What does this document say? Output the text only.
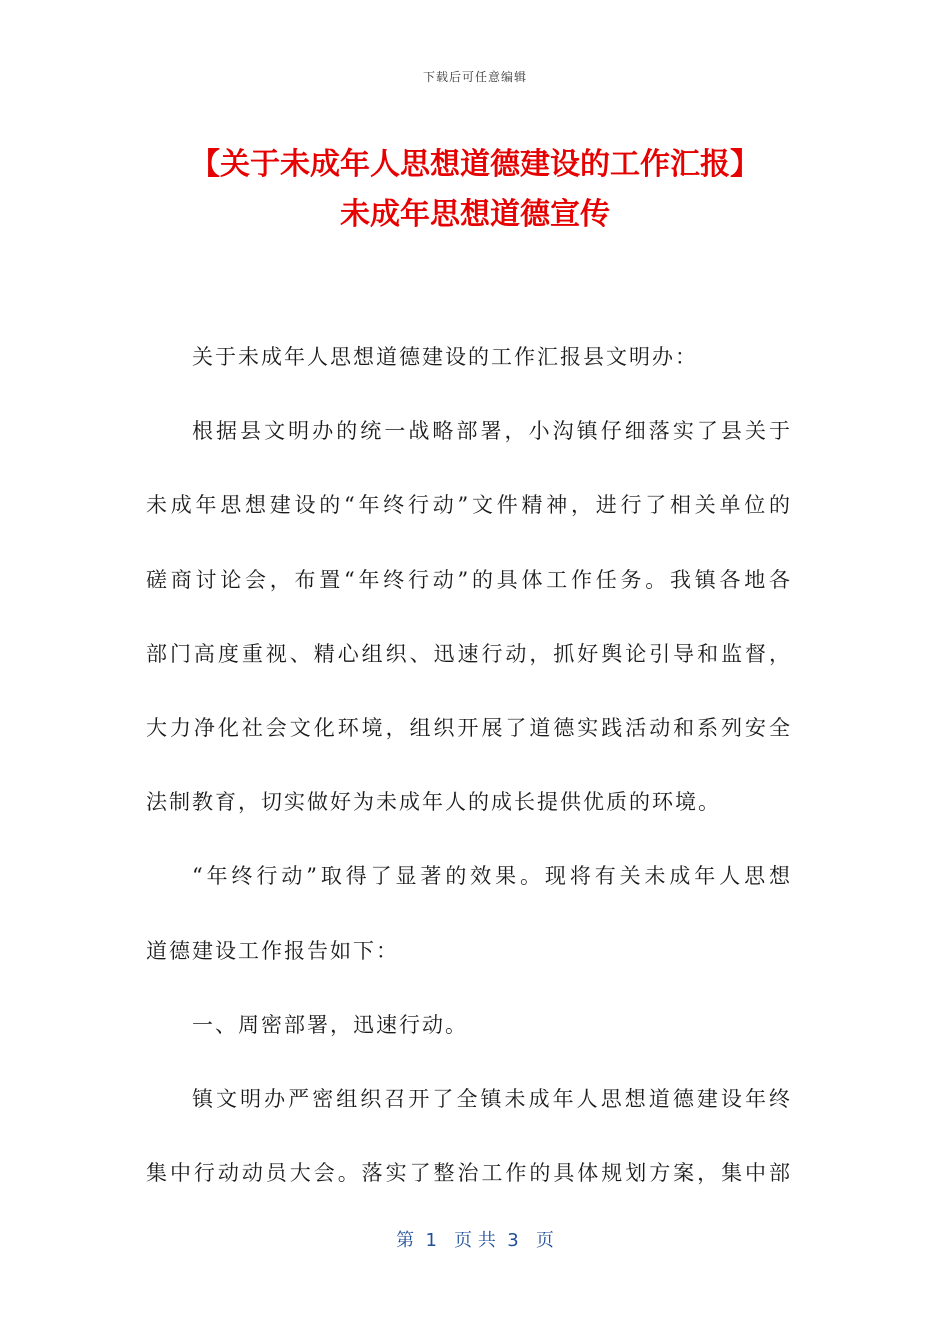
下载后可任意编辑
【关于未成年人思想道德建设的工作汇报】
未成年思想道德宣传

关于未成年人思想道德建设的工作汇报县文明办：

根据县文明办的统一战略部署，小沟镇仔细落实了县关于

未成年思想建设的“年终行动”文件精神，进行了相关单位的

磋商讨论会，布置“年终行动”的具体工作任务。我镇各地各

部门高度重视、精心组织、迅速行动，抓好舆论引导和监督，

大力净化社会文化环境，组织开展了道德实践活动和系列安全

法制教育，切实做好为未成年人的成长提供优质的环境。

“年终行动”取得了显著的效果。现将有关未成年人思想

道德建设工作报告如下：

一、周密部署，迅速行动。

镇文明办严密组织召开了全镇未成年人思想道德建设年终

集中行动动员大会。落实了整治工作的具体规划方案，集中部

第  1   页 共  3   页
